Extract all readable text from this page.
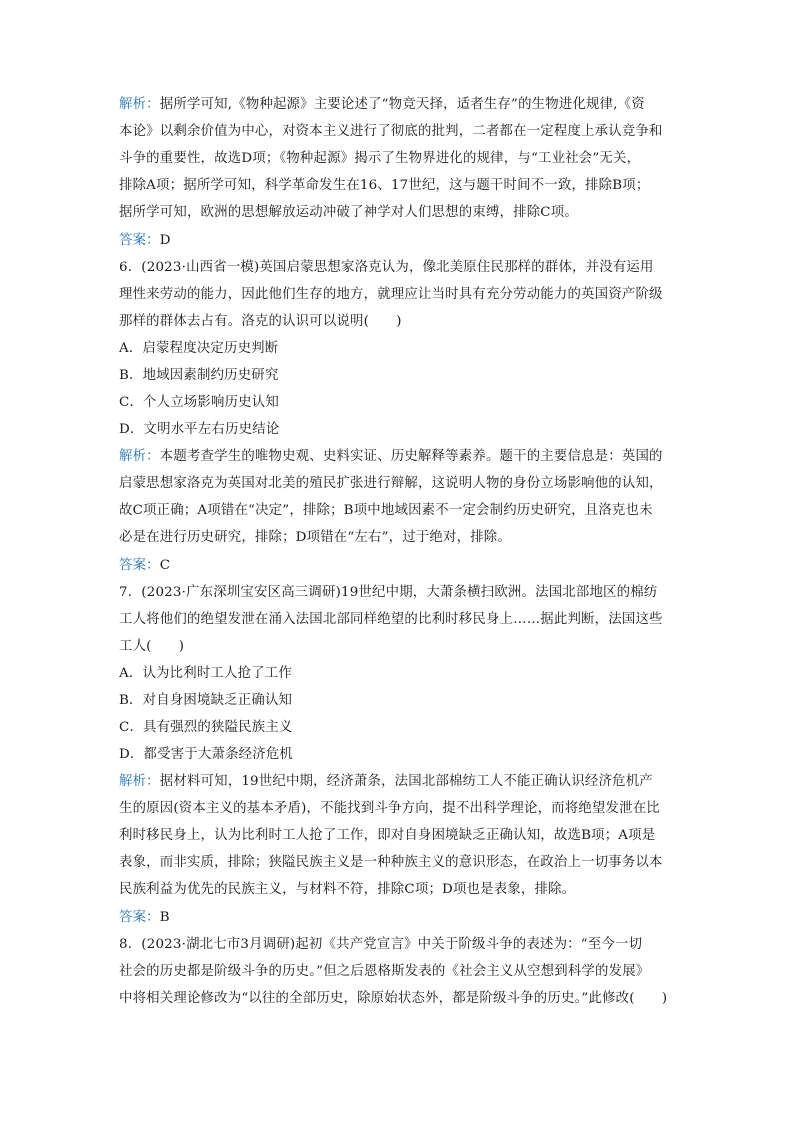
解析：据所学可知,《物种起源》主要论述了“物竞天择，适者生存”的生物进化规律,《资
本论》以剩余价值为中心，对资本主义进行了彻底的批判，二者都在一定程度上承认竞争和
斗争的重要性，故选D项；《物种起源》揭示了生物界进化的规律，与“工业社会”无关，
排除A项；据所学可知，科学革命发生在16、17世纪，这与题干时间不一致，排除B项；
据所学可知，欧洲的思想解放运动冲破了神学对人们思想的束缚，排除C项。
答案：D
6．(2023·山西省一模)英国启蒙思想家洛克认为，像北美原住民那样的群体，并没有运用
理性来劳动的能力，因此他们生存的地方，就理应让当时具有充分劳动能力的英国资产阶级
那样的群体去占有。洛克的认识可以说明(　　)
A．启蒙程度决定历史判断
B．地域因素制约历史研究
C．个人立场影响历史认知
D．文明水平左右历史结论
解析：本题考查学生的唯物史观、史料实证、历史解释等素养。题干的主要信息是：英国的
启蒙思想家洛克为英国对北美的殖民扩张进行辩解，这说明人物的身份立场影响他的认知，
故C项正确；A项错在“决定”，排除；B项中地域因素不一定会制约历史研究，且洛克也未
必是在进行历史研究，排除；D项错在“左右”，过于绝对，排除。
答案：C
7．(2023·广东深圳宝安区高三调研)19世纪中期，大萧条横扫欧洲。法国北部地区的棉纺
工人将他们的绝望发泄在涌入法国北部同样绝望的比利时移民身上……据此判断，法国这些
工人(　　)
A．认为比利时工人抢了工作
B．对自身困境缺乏正确认知
C．具有强烈的狭隘民族主义
D．都受害于大萧条经济危机
解析：据材料可知，19世纪中期，经济萧条，法国北部棉纺工人不能正确认识经济危机产
生的原因(资本主义的基本矛盾)，不能找到斗争方向，提不出科学理论，而将绝望发泄在比
利时移民身上，认为比利时工人抢了工作，即对自身困境缺乏正确认知，故选B项；A项是
表象，而非实质，排除；狭隘民族主义是一种种族主义的意识形态，在政治上一切事务以本
民族利益为优先的民族主义，与材料不符，排除C项；D项也是表象，排除。
答案：B
8．(2023·湖北七市3月调研)起初《共产党宣言》中关于阶级斗争的表述为：“至今一切
社会的历史都是阶级斗争的历史。”但之后恩格斯发表的《社会主义从空想到科学的发展》
中将相关理论修改为“以往的全部历史，除原始状态外，都是阶级斗争的历史。”此修改(　　)
